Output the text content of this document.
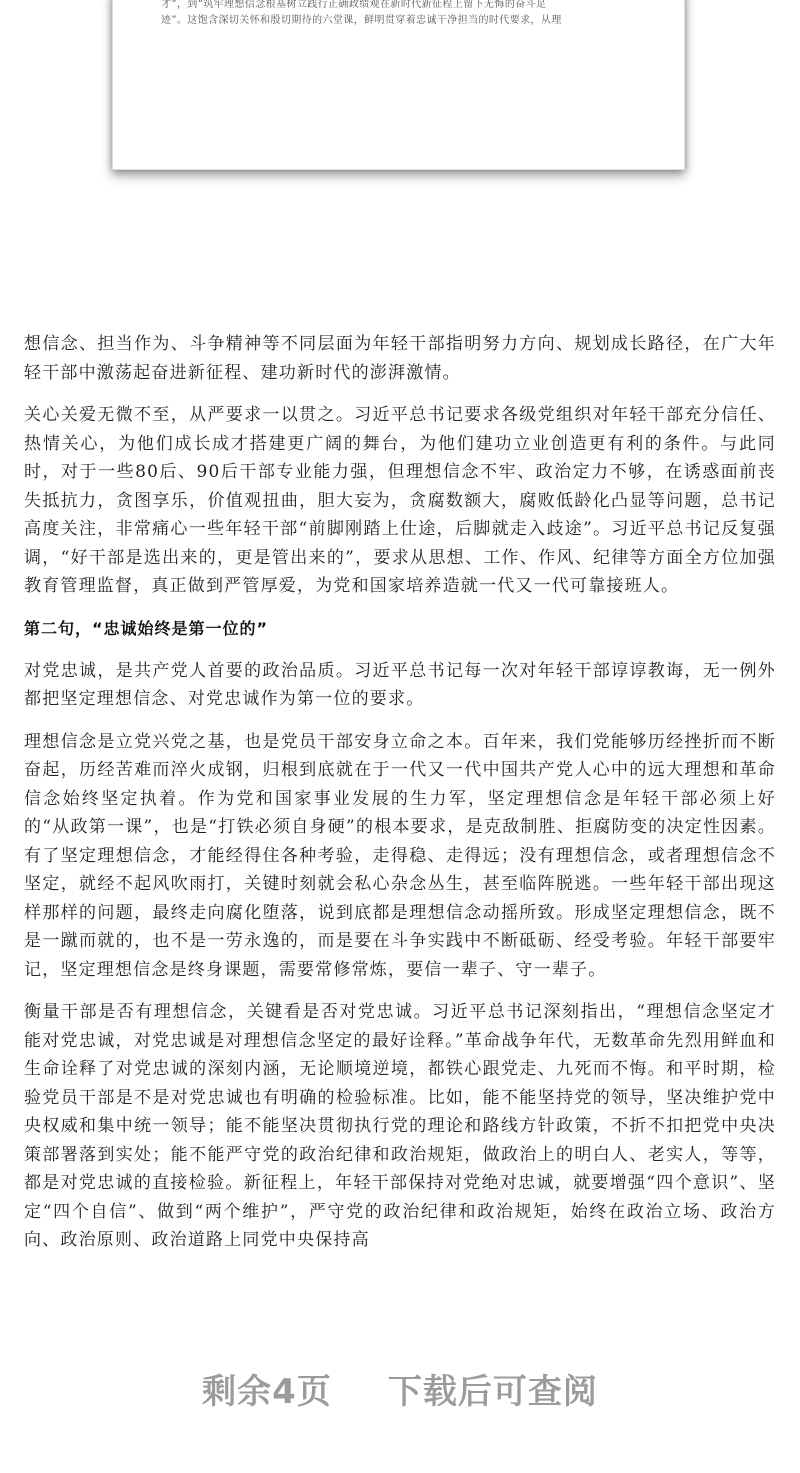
才”，到“筑牢理想信念根基树立践行正确政绩观在新时代新征程上留下无悔的奋斗足
迹”。这饱含深切关怀和殷切期待的六堂课，鲜明贯穿着忠诚干净担当的时代要求，从理

想信念、担当作为、斗争精神等不同层面为年轻干部指明努力方向、规划成长路径，在广大年轻干部中激荡起奋进新征程、建功新时代的澎湃激情。

关心关爱无微不至，从严要求一以贯之。习近平总书记要求各级党组织对年轻干部充分信任、热情关心，为他们成长成才搭建更广阔的舞台，为他们建功立业创造更有利的条件。与此同时，对于一些80后、90后干部专业能力强，但理想信念不牢、政治定力不够，在诱惑面前丧失抵抗力，贪图享乐，价值观扭曲，胆大妄为，贪腐数额大，腐败低龄化凸显等问题，总书记高度关注，非常痛心一些年轻干部“前脚刚踏上仕途，后脚就走入歧途”。习近平总书记反复强调，“好干部是选出来的，更是管出来的”，要求从思想、工作、作风、纪律等方面全方位加强教育管理监督，真正做到严管厚爱，为党和国家培养造就一代又一代可靠接班人。

第二句，“忠诚始终是第一位的”

对党忠诚，是共产党人首要的政治品质。习近平总书记每一次对年轻干部谆谆教诲，无一例外都把坚定理想信念、对党忠诚作为第一位的要求。

理想信念是立党兴党之基，也是党员干部安身立命之本。百年来，我们党能够历经挫折而不断奋起，历经苦难而淬火成钢，归根到底就在于一代又一代中国共产党人心中的远大理想和革命信念始终坚定执着。作为党和国家事业发展的生力军，坚定理想信念是年轻干部必须上好的“从政第一课”，也是“打铁必须自身硬”的根本要求，是克敌制胜、拒腐防变的决定性因素。有了坚定理想信念，才能经得住各种考验，走得稳、走得远；没有理想信念，或者理想信念不坚定，就经不起风吹雨打，关键时刻就会私心杂念丛生，甚至临阵脱逃。一些年轻干部出现这样那样的问题，最终走向腐化堕落，说到底都是理想信念动摇所致。形成坚定理想信念，既不是一蹴而就的，也不是一劳永逸的，而是要在斗争实践中不断砥砺、经受考验。年轻干部要牢记，坚定理想信念是终身课题，需要常修常炼，要信一辈子、守一辈子。

衡量干部是否有理想信念，关键看是否对党忠诚。习近平总书记深刻指出，“理想信念坚定才能对党忠诚，对党忠诚是对理想信念坚定的最好诠释。”革命战争年代，无数革命先烈用鲜血和生命诠释了对党忠诚的深刻内涵，无论顺境逆境，都铁心跟党走、九死而不悔。和平时期，检验党员干部是不是对党忠诚也有明确的检验标准。比如，能不能坚持党的领导，坚决维护党中央权威和集中统一领导；能不能坚决贯彻执行党的理论和路线方针政策，不折不扣把党中央决策部署落到实处；能不能严守党的政治纪律和政治规矩，做政治上的明白人、老实人，等等，都是对党忠诚的直接检验。新征程上，年轻干部保持对党绝对忠诚，就要增强“四个意识”、坚定“四个自信”、做到“两个维护”，严守党的政治纪律和政治规矩，始终在政治立场、政治方向、政治原则、政治道路上同党中央保持高

剩余4页 下载后可查阅
